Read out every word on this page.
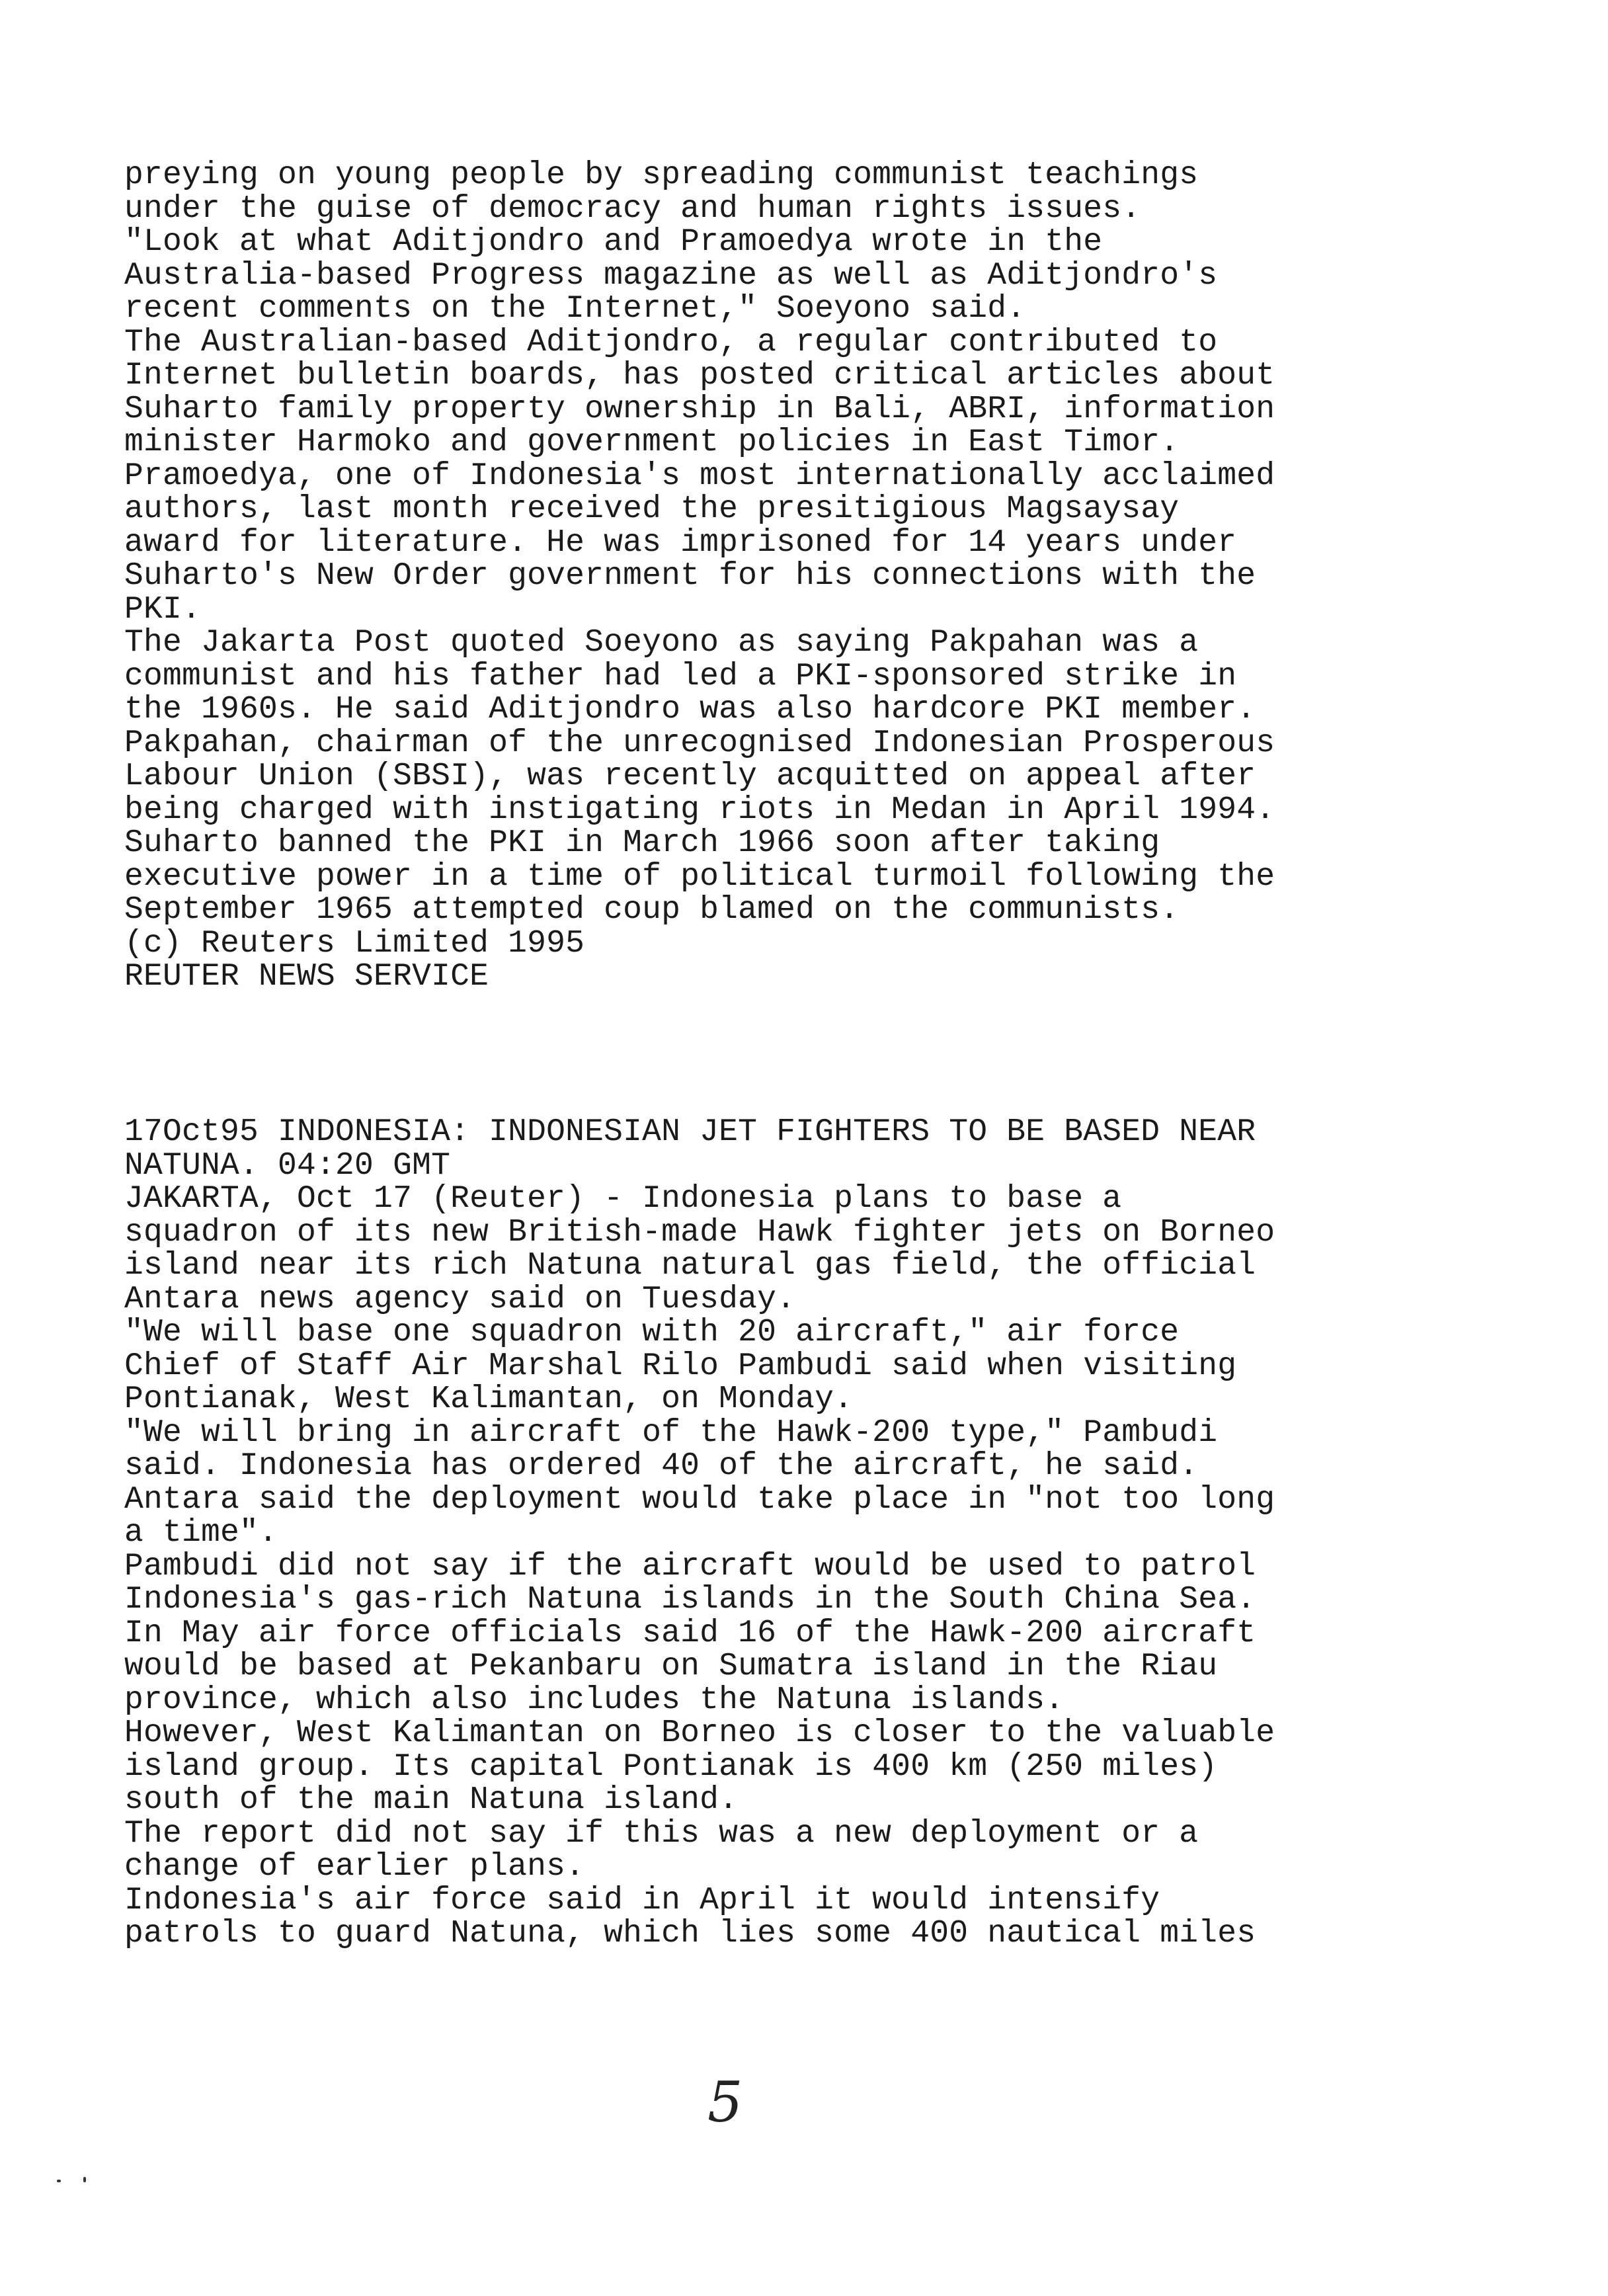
preying on young people by spreading communist teachings
under the guise of democracy and human rights issues.
"Look at what Aditjondro and Pramoedya wrote in the
Australia-based Progress magazine as well as Aditjondro's
recent comments on the Internet," Soeyono said.
The Australian-based Aditjondro, a regular contributed to
Internet bulletin boards, has posted critical articles about
Suharto family property ownership in Bali, ABRI, information
minister Harmoko and government policies in East Timor.
Pramoedya, one of Indonesia's most internationally acclaimed
authors, last month received the presitigious Magsaysay
award for literature. He was imprisoned for 14 years under
Suharto's New Order government for his connections with the
PKI.
The Jakarta Post quoted Soeyono as saying Pakpahan was a
communist and his father had led a PKI-sponsored strike in
the 1960s. He said Aditjondro was also hardcore PKI member.
Pakpahan, chairman of the unrecognised Indonesian Prosperous
Labour Union (SBSI), was recently acquitted on appeal after
being charged with instigating riots in Medan in April 1994.
Suharto banned the PKI in March 1966 soon after taking
executive power in a time of political turmoil following the
September 1965 attempted coup blamed on the communists.
(c) Reuters Limited 1995
REUTER NEWS SERVICE
17Oct95 INDONESIA: INDONESIAN JET FIGHTERS TO BE BASED NEAR
NATUNA. 04:20 GMT
JAKARTA, Oct 17 (Reuter) - Indonesia plans to base a
squadron of its new British-made Hawk fighter jets on Borneo
island near its rich Natuna natural gas field, the official
Antara news agency said on Tuesday.
"We will base one squadron with 20 aircraft," air force
Chief of Staff Air Marshal Rilo Pambudi said when visiting
Pontianak, West Kalimantan, on Monday.
"We will bring in aircraft of the Hawk-200 type," Pambudi
said. Indonesia has ordered 40 of the aircraft, he said.
Antara said the deployment would take place in "not too long
a time".
Pambudi did not say if the aircraft would be used to patrol
Indonesia's gas-rich Natuna islands in the South China Sea.
In May air force officials said 16 of the Hawk-200 aircraft
would be based at Pekanbaru on Sumatra island in the Riau
province, which also includes the Natuna islands.
However, West Kalimantan on Borneo is closer to the valuable
island group. Its capital Pontianak is 400 km (250 miles)
south of the main Natuna island.
The report did not say if this was a new deployment or a
change of earlier plans.
Indonesia's air force said in April it would intensify
patrols to guard Natuna, which lies some 400 nautical miles
5
